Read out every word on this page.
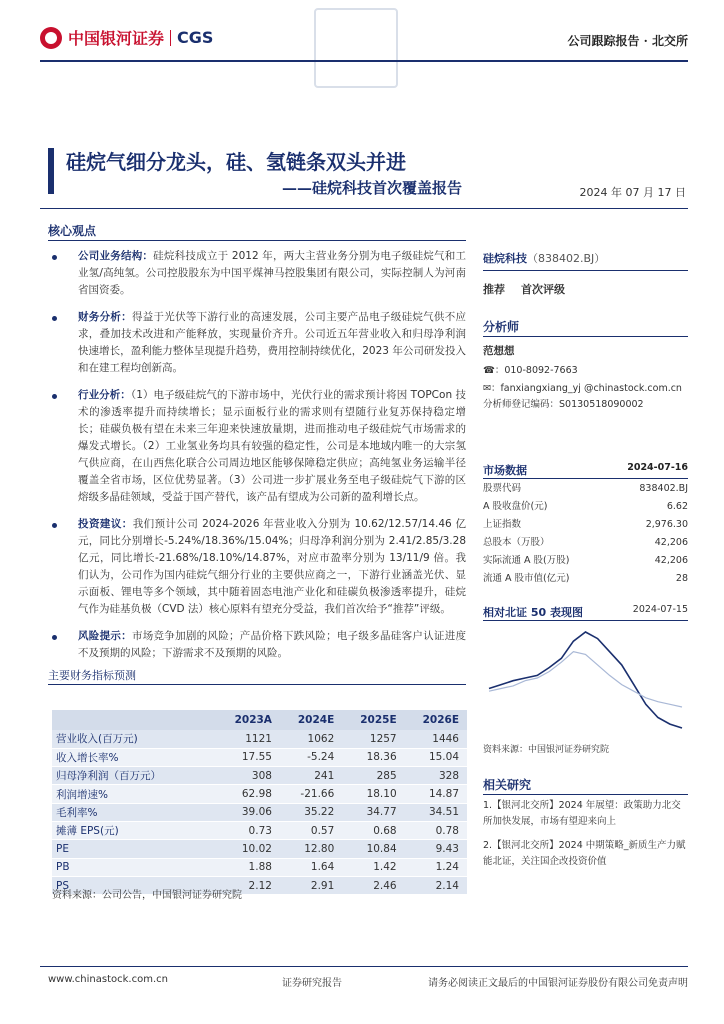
中国银河证券 CGS	公司跟踪报告 · 北交所
硅烷气细分龙头，硅、氢链条双头并进
——硅烷科技首次覆盖报告	2024 年 07 月 17 日
核心观点
公司业务结构：硅烷科技成立于 2012 年，两大主营业务分别为电子级硅烷气和工业氢/高纯氢。公司控股股东为中国平煤神马控股集团有限公司，实际控制人为河南省国资委。
财务分析：得益于光伏等下游行业的高速发展，公司主要产品电子级硅烷气供不应求，叠加技术改进和产能释放，实现量价齐升。公司近五年营业收入和归母净利润快速增长，盈利能力整体呈现提升趋势，费用控制持续优化，2023 年公司研发投入和在建工程均创新高。
行业分析：（1）电子级硅烷气的下游市场中，光伏行业的需求预计将因 TOPCon 技术的渗透率提升而持续增长；显示面板行业的需求则有望随行业复苏保持稳定增长；硅碳负极有望在未来三年迎来快速放量期，进而推动电子级硅烷气市场需求的爆发式增长。（2）工业氢业务均具有较强的稳定性，公司是本地域内唯一的大宗氢气供应商，在山西焦化联合公司周边地区能够保障稳定供应；高纯氢业务运输半径覆盖全省市场，区位优势显著。（3）公司进一步扩展业务至电子级硅烷气下游的区熔级多晶硅领域，受益于国产替代，该产品有望成为公司新的盈利增长点。
投资建议：我们预计公司 2024-2026 年营业收入分别为 10.62/12.57/14.46 亿元，同比分别增长-5.24%/18.36%/15.04%；归母净利润分别为 2.41/2.85/3.28 亿元，同比增长-21.68%/18.10%/14.87%，对应市盈率分别为 13/11/9 倍。我们认为，公司作为国内硅烷气细分行业的主要供应商之一，下游行业涵盖光伏、显示面板、锂电等多个领域，其中随着固态电池产业化和硅碳负极渗透率提升，硅烷气作为硅基负极（CVD 法）核心原料有望充分受益，我们首次给予“推荐”评级。
风险提示：市场竞争加剧的风险；产品价格下跌风险；电子级多晶硅客户认证进度不及预期的风险；下游需求不及预期的风险。
主要财务指标预测
	2023A	2024E	2025E	2026E
营业收入(百万元)	1121	1062	1257	1446
收入增长率%	17.55	-5.24	18.36	15.04
归母净利润（百万元）	308	241	285	328
利润增速%	62.98	-21.66	18.10	14.87
毛利率%	39.06	35.22	34.77	34.51
摊薄 EPS(元)	0.73	0.57	0.68	0.78
PE	10.02	12.80	10.84	9.43
PB	1.88	1.64	1.42	1.24
PS	2.12	2.91	2.46	2.14
资料来源：公司公告，中国银河证券研究院
硅烷科技（838402.BJ）
推荐 首次评级
分析师
范想想
☎：010-8092-7663
✉：fanxiangxiang_yj @chinastock.com.cn
分析师登记编码：S0130518090002
市场数据	2024-07-16
股票代码	838402.BJ
A 股收盘价(元)	6.62
上证指数	2,976.30
总股本（万股）	42,206
实际流通 A 股(万股)	42,206
流通 A 股市值(亿元)	28
相对北证 50 表现图	2024-07-15
资料来源：中国银河证券研究院
相关研究
1.【银河北交所】2024 年展望：政策助力北交所加快发展，市场有望迎来向上
2.【银河北交所】2024 中期策略_新质生产力赋能北证，关注国企改投资价值
www.chinastock.com.cn	证券研究报告	请务必阅读正文最后的中国银河证券股份有限公司免责声明
